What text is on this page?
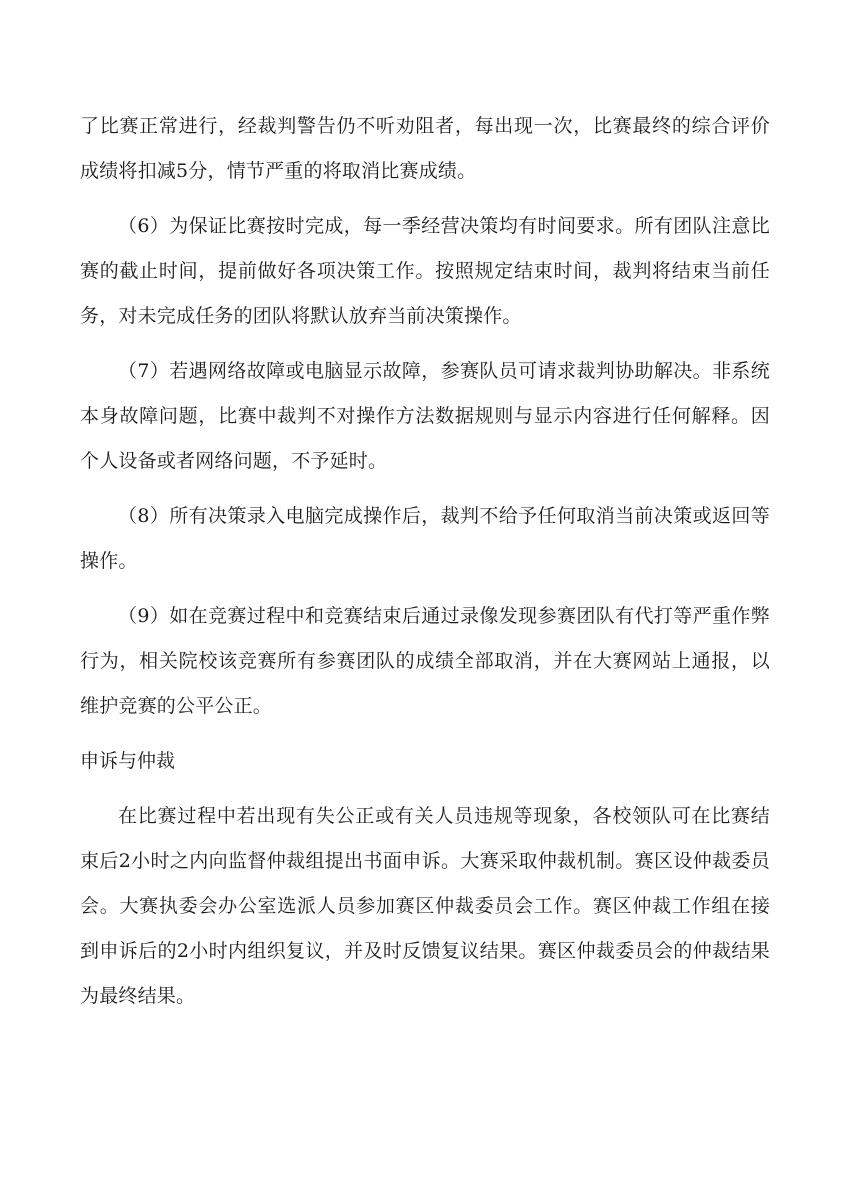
了比赛正常进行，经裁判警告仍不听劝阻者，每出现一次，比赛最终的综合评价成绩将扣减5分，情节严重的将取消比赛成绩。

（6）为保证比赛按时完成，每一季经营决策均有时间要求。所有团队注意比赛的截止时间，提前做好各项决策工作。按照规定结束时间，裁判将结束当前任务，对未完成任务的团队将默认放弃当前决策操作。

（7）若遇网络故障或电脑显示故障，参赛队员可请求裁判协助解决。非系统本身故障问题，比赛中裁判不对操作方法数据规则与显示内容进行任何解释。因个人设备或者网络问题，不予延时。

（8）所有决策录入电脑完成操作后，裁判不给予任何取消当前决策或返回等操作。

（9）如在竞赛过程中和竞赛结束后通过录像发现参赛团队有代打等严重作弊行为，相关院校该竞赛所有参赛团队的成绩全部取消，并在大赛网站上通报，以维护竞赛的公平公正。

申诉与仲裁

在比赛过程中若出现有失公正或有关人员违规等现象，各校领队可在比赛结束后2小时之内向监督仲裁组提出书面申诉。大赛采取仲裁机制。赛区设仲裁委员会。大赛执委会办公室选派人员参加赛区仲裁委员会工作。赛区仲裁工作组在接到申诉后的2小时内组织复议，并及时反馈复议结果。赛区仲裁委员会的仲裁结果为最终结果。
